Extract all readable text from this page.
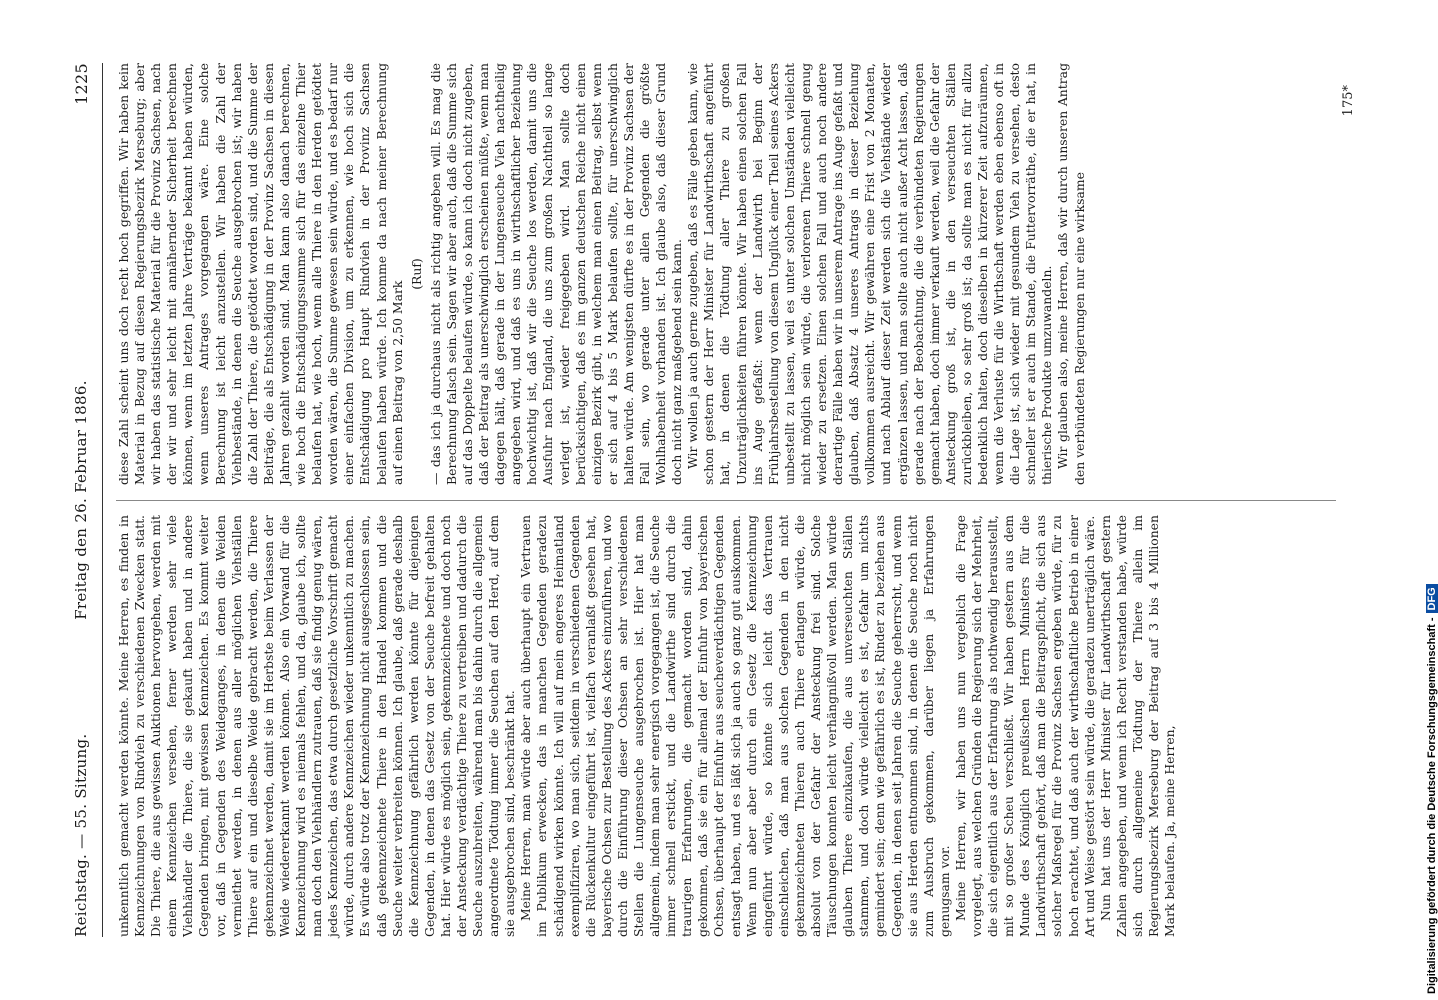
Reichstag. — 55. Sitzung.
Freitag den 26. Februar 1886.
1225

unkenntlich gemacht werden könnte. Meine Herren, es finden in Kennzeichnungen von Rindvieh zu verschiedenen Zwecken statt. Die Thiere, die aus gewissen Auktionen hervorgehen, werden mit einem Kennzeichen versehen, ferner werden sehr viele Viehhändler die Thiere, die sie gekauft haben und in andere Gegenden bringen, mit gewissen Kennzeichen. Es kommt weiter vor, daß in Gegenden des Weideganges, in denen die Weiden vermiethet werden, in denen aus aller möglichen Viehställen Thiere auf ein und dieselbe Weide gebracht werden, die Thiere gekennzeichnet werden, damit sie im Herbste beim Verlassen der Weide wiedererkannt werden können. Also ein Vorwand für die Kennzeichnung wird es niemals fehlen, und da, glaube ich, sollte man doch den Viehhändlern zutrauen, daß sie findig genug wären, jedes Kennzeichen, das etwa durch gesetzliche Vorschrift gemacht würde, durch andere Kennzeichen wieder unkenntlich zu machen. Es würde also trotz der Kennzeichnung nicht ausgeschlossen sein, daß gekennzeichnete Thiere in den Handel kommen und die Seuche weiter verbreiten können. Ich glaube, daß gerade deshalb die Kennzeichnung gefährlich werden könnte für diejenigen Gegenden, in denen das Gesetz von der Seuche befreit gehalten hat. Hier würde es möglich sein, gekennzeichnete und doch noch der Ansteckung verdächtige Thiere zu vertreiben und dadurch die Seuche auszubreiten, während man bis dahin durch die allgemein angeordnete Tödtung immer die Seuchen auf den Herd, auf dem sie ausgebrochen sind, beschränkt hat. Meine Herren, man würde aber auch überhaupt ein Vertrauen im Publikum erwecken, das in manchen Gegenden geradezu schädigend wirken könnte. Ich will auf mein engeres Heimatland exemplifiziren, wo man sich, seitdem in verschiedenen Gegenden die Rückenkultur eingeführt ist, vielfach veranlaßt gesehen hat, bayerische Ochsen zur Bestellung des Ackers einzuführen, und wo durch die Einführung dieser Ochsen an sehr verschiedenen Stellen die Lungenseuche ausgebrochen ist. Hier hat man allgemein, indem man sehr energisch vorgegangen ist, die Seuche immer schnell erstickt, und die Landwirthe sind durch die traurigen Erfahrungen, die gemacht worden sind, dahin gekommen, daß sie ein für allemal der Einfuhr von bayerischen Ochsen, überhaupt der Einfuhr aus seucheverdächtigen Gegenden entsagt haben, und es läßt sich ja auch so ganz gut auskommen. Wenn nun aber aber durch ein Gesetz die Kennzeichnung eingeführt würde, so könnte sich leicht das Vertrauen einschleichen, daß man aus solchen Gegenden in den nicht gekennzeichneten Thieren auch Thiere erlangen würde, die absolut von der Gefahr der Ansteckung frei sind. Solche Täuschungen konnten leicht verhängnißvoll werden. Man würde glauben Thiere einzukaufen, die aus unverseuchten Ställen stammen, und doch würde vielleicht es ist, Gefahr um nichts gemindert sein; denn wie gefährlich es ist, Rinder zu beziehen aus Gegenden, in denen seit Jahren die Seuche geherrscht, und wenn sie aus Herden entnommen sind, in denen die Seuche noch nicht zum Ausbruch gekommen, darüber liegen ja Erfahrungen genugsam vor. Meine Herren, wir haben uns nun vergeblich die Frage vorgelegt, aus welchen Gründen die Regierung sich der Mehrheit, die sich eigentlich aus der Erfahrung als nothwendig herausstellt, mit so großer Scheu verschließt. Wir haben gestern aus dem Munde des Königlich preußischen Herrn Ministers für die Landwirthschaft gehört, daß man die Beitragspflicht, die sich aus solcher Maßregel für die Provinz Sachsen ergeben würde, für zu hoch erachtet, und daß auch der wirthschaftliche Betrieb in einer Art und Weise gestört sein würde, die geradezu unerträglich wäre. Nun hat uns der Herr Minister für Landwirthschaft gestern Zahlen angegeben, und wenn ich Recht verstanden habe, würde sich durch allgemeine Tödtung der Thiere allein im Regierungsbezirk Merseburg der Beitrag auf 3 bis 4 Millionen Mark belaufen. Ja, meine Herren,

diese Zahl scheint uns doch recht hoch gegriffen. Wir haben kein Material in Bezug auf diesen Regierungsbezirk Merseburg; aber wir haben das statistische Material für die Provinz Sachsen, nach der wir und sehr leicht mit annähernder Sicherheit berechnen können, wenn im letzten Jahre Verträge bekannt haben würden, wenn unseres Antrages vorgegangen wäre. Eine solche Berechnung ist leicht anzustellen. Wir haben die Zahl der Viehbestände, in denen die Seuche ausgebrochen ist; wir haben die Zahl der Thiere, die getödtet worden sind, und die Summe der Beiträge, die als Entschädigung in der Provinz Sachsen in diesen Jahren gezahlt worden sind. Man kann also danach berechnen, wie hoch die Entschädigungssumme sich für das einzelne Thier belaufen hat, wie hoch, wenn alle Thiere in den Herden getödtet worden wären, die Summe gewesen sein würde, und es bedarf nur einer einfachen Division, um zu erkennen, wie hoch sich die Entschädigung pro Haupt Rindvieh in der Provinz Sachsen belaufen haben würde. Ich komme da nach meiner Berechnung auf einen Beitrag von 2,50 Mark

(Ruf) — das ich ja durchaus nicht als richtig angeben will. Es mag die Berechnung falsch sein. Sagen wir aber auch, daß die Summe sich auf das Doppelte belaufen würde, so kann ich doch nicht zugeben, daß der Beitrag als unerschwinglich erscheinen müßte, wenn man dagegen hält, daß gerade in der Lungenseuche Vieh nachtheilig angegeben wird, und daß es uns in wirthschaftlicher Beziehung hochwichtig ist, daß wir die Seuche los werden, damit uns die Ausfuhr nach England, die uns zum großen Nachtheil so lange verlegt ist, wieder freigegeben wird. Man sollte doch berücksichtigen, daß es im ganzen deutschen Reiche nicht einen einzigen Bezirk gibt, in welchem man einen Beitrag, selbst wenn er sich auf 4 bis 5 Mark belaufen sollte, für unerschwinglich halten würde. Am wenigsten dürfte es in der Provinz Sachsen der Fall sein, wo gerade unter allen Gegenden die größte Wohlhabenheit vorhanden ist. Ich glaube also, daß dieser Grund doch nicht ganz maßgebend sein kann. Wir wollen ja auch gerne zugeben, daß es Fälle geben kann, wie schon gestern der Herr Minister für Landwirthschaft angeführt hat, in denen die Tödtung aller Thiere zu großen Unzuträglichkeiten führen könnte. Wir haben einen solchen Fall ins Auge gefaßt: wenn der Landwirth bei Beginn der Frühjahrsbestellung von diesem Unglück einer Theil seines Ackers unbestellt zu lassen, weil es unter solchen Umständen vielleicht nicht möglich sein würde, die verlorenen Thiere schnell genug wieder zu ersetzen. Einen solchen Fall und auch noch andere derartige Fälle haben wir in unserem Antrage ins Auge gefaßt und glauben, daß Absatz 4 unseres Antrags in dieser Beziehung vollkommen ausreicht. Wir gewähren eine Frist von 2 Monaten, und nach Ablauf dieser Zeit werden sich die Viehstände wieder ergänzen lassen, und man sollte auch nicht außer Acht lassen, daß gerade nach der Beobachtung, die die verbündeten Regierungen gemacht haben, doch immer verkauft werden, weil die Gefahr der Ansteckung groß ist, die in den verseuchten Ställen zurückbleiben, so sehr groß ist; da sollte man es nicht für allzu bedenklich halten, doch dieselben in kürzerer Zeit aufzuräumen, wenn die Verluste für die Wirthschaft werden eben ebenso oft in die Lage ist, sich wieder mit gesundem Vieh zu versehen, desto schneller ist er auch im Stande, die Futtervorräthe, die er hat, in thierische Produkte umzuwandeln. Wir glauben also, meine Herren, daß wir durch unseren Antrag den verbündeten Regierungen nur eine wirksame

175*
Digitalisierung gefördert durch die Deutsche Forschungsgemeinschaft -DFG
